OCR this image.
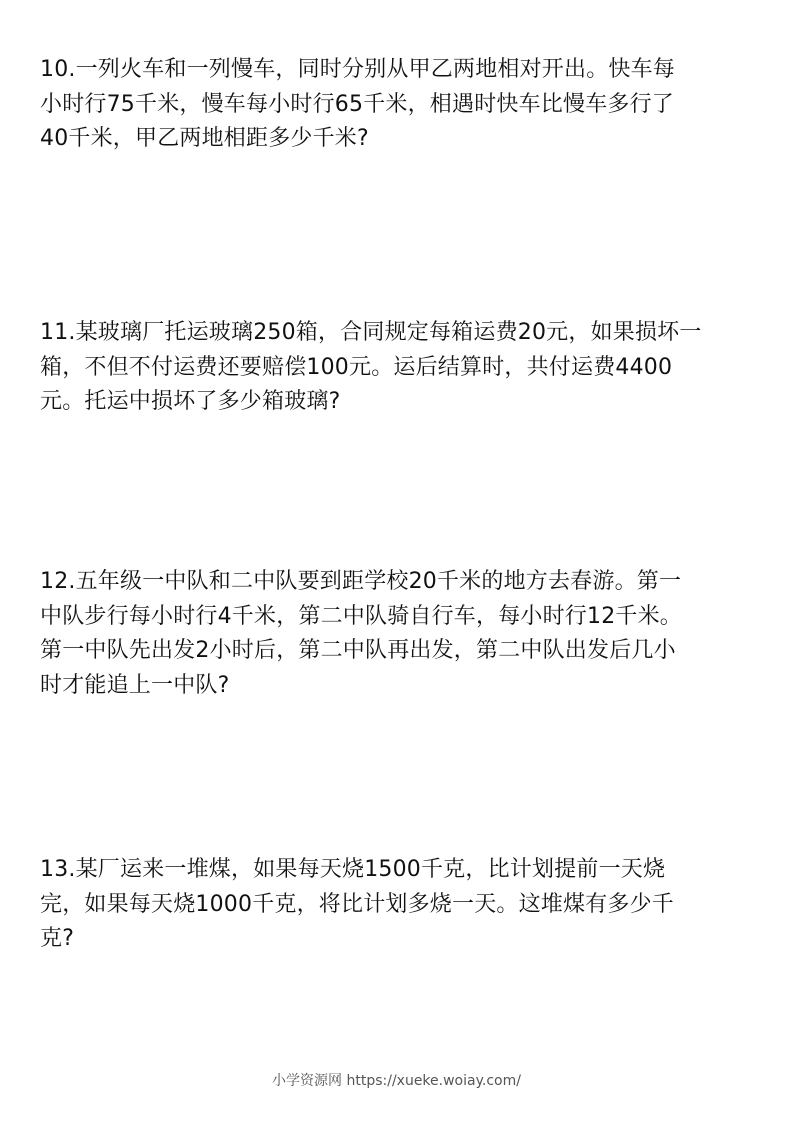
10.一列火车和一列慢车，同时分别从甲乙两地相对开出。快车每
小时行75千米，慢车每小时行65千米，相遇时快车比慢车多行了
40千米，甲乙两地相距多少千米?
11.某玻璃厂托运玻璃250箱，合同规定每箱运费20元，如果损坏一
箱，不但不付运费还要赔偿100元。运后结算时，共付运费4400
元。托运中损坏了多少箱玻璃?
12.五年级一中队和二中队要到距学校20千米的地方去春游。第一
中队步行每小时行4千米，第二中队骑自行车，每小时行12千米。
第一中队先出发2小时后，第二中队再出发，第二中队出发后几小
时才能追上一中队?
13.某厂运来一堆煤，如果每天烧1500千克，比计划提前一天烧
完，如果每天烧1000千克，将比计划多烧一天。这堆煤有多少千
克?
小学资源网 https://xueke.woiay.com/
